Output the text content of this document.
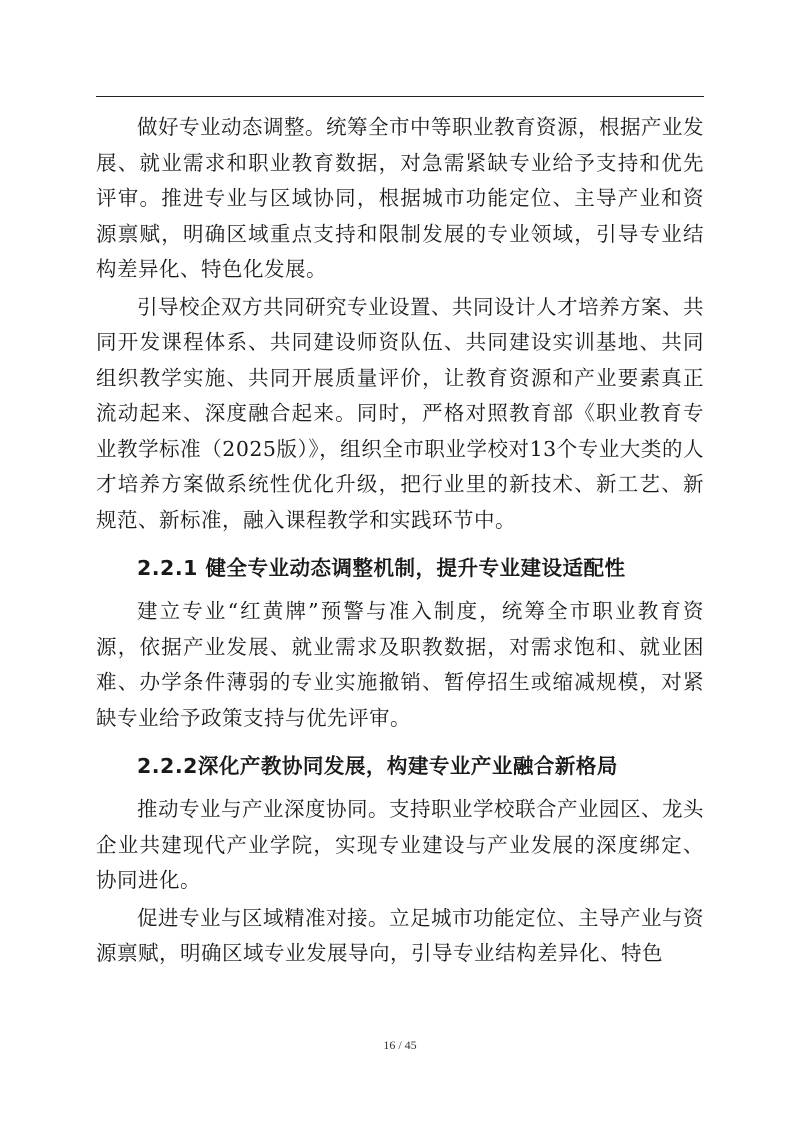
做好专业动态调整。统筹全市中等职业教育资源，根据产业发展、就业需求和职业教育数据，对急需紧缺专业给予支持和优先评审。推进专业与区域协同，根据城市功能定位、主导产业和资源禀赋，明确区域重点支持和限制发展的专业领域，引导专业结构差异化、特色化发展。

引导校企双方共同研究专业设置、共同设计人才培养方案、共同开发课程体系、共同建设师资队伍、共同建设实训基地、共同组织教学实施、共同开展质量评价，让教育资源和产业要素真正流动起来、深度融合起来。同时，严格对照教育部《职业教育专业教学标准（2025版）》，组织全市职业学校对13个专业大类的人才培养方案做系统性优化升级，把行业里的新技术、新工艺、新规范、新标准，融入课程教学和实践环节中。

2.2.1 健全专业动态调整机制，提升专业建设适配性

建立专业“红黄牌”预警与准入制度，统筹全市职业教育资源，依据产业发展、就业需求及职教数据，对需求饱和、就业困难、办学条件薄弱的专业实施撤销、暂停招生或缩减规模，对紧缺专业给予政策支持与优先评审。

2.2.2深化产教协同发展，构建专业产业融合新格局

推动专业与产业深度协同。支持职业学校联合产业园区、龙头企业共建现代产业学院，实现专业建设与产业发展的深度绑定、协同进化。

促进专业与区域精准对接。立足城市功能定位、主导产业与资源禀赋，明确区域专业发展导向，引导专业结构差异化、特色

16 / 45
